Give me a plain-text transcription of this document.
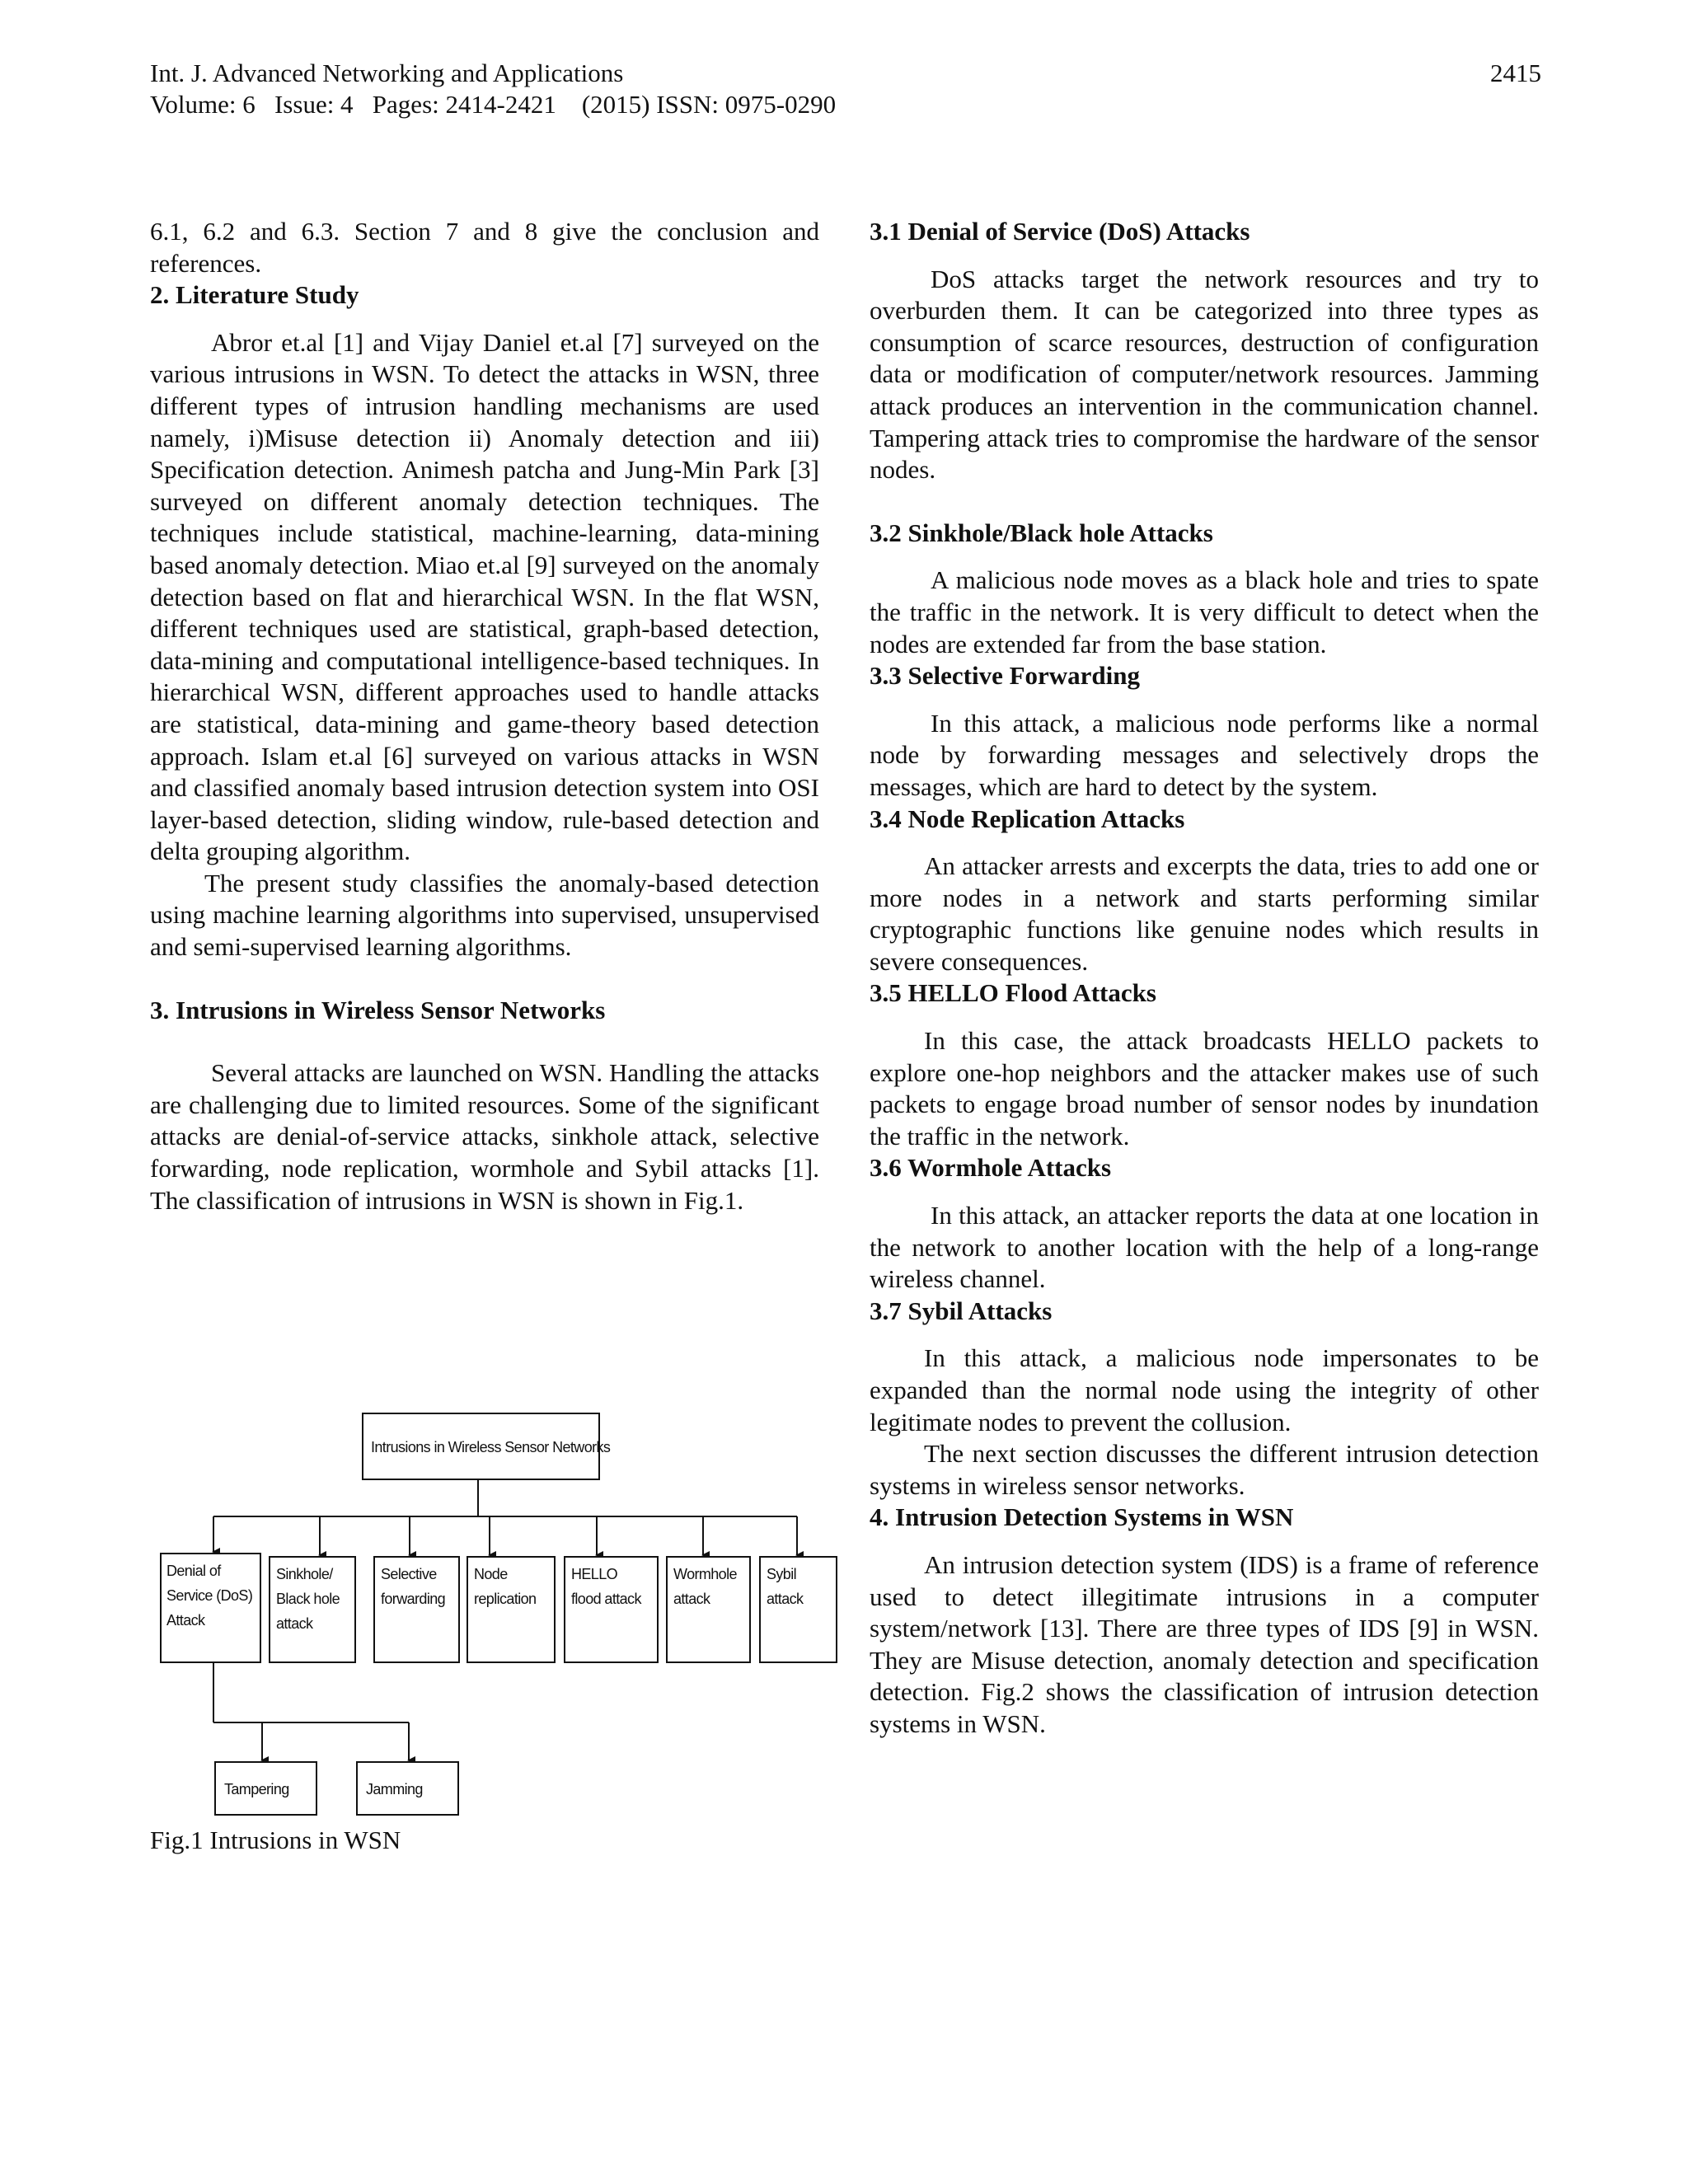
Int. J. Advanced Networking and Applications
Volume: 6   Issue: 4   Pages: 2414-2421    (2015) ISSN: 0975-0290
2415

6.1, 6.2 and 6.3. Section 7 and 8 give the conclusion and references.

2. Literature Study

Abror et.al [1] and Vijay Daniel et.al [7] surveyed on the various intrusions in WSN. To detect the attacks in WSN, three different types of intrusion handling mechanisms are used namely, i)Misuse detection ii) Anomaly detection and iii) Specification detection. Animesh patcha and Jung-Min Park [3] surveyed on different anomaly detection techniques. The techniques include statistical, machine-learning, data-mining based anomaly detection. Miao et.al [9] surveyed on the anomaly detection based on flat and hierarchical WSN. In the flat WSN, different techniques used are statistical, graph-based detection, data-mining and computational intelligence-based techniques. In hierarchical WSN, different approaches used to handle attacks are statistical, data-mining and game-theory based detection approach. Islam et.al [6] surveyed on various attacks in WSN and classified anomaly based intrusion detection system into OSI layer-based detection, sliding window, rule-based detection and delta grouping algorithm.

The present study classifies the anomaly-based detection using machine learning algorithms into supervised, unsupervised and semi-supervised learning algorithms.

3. Intrusions in Wireless Sensor Networks

Several attacks are launched on WSN. Handling the attacks are challenging due to limited resources. Some of the significant attacks are denial-of-service attacks, sinkhole attack, selective forwarding, node replication, wormhole and Sybil attacks [1]. The classification of intrusions in WSN is shown in Fig.1.

Intrusions in Wireless Sensor Networks
Denial of Service (DoS) Attack
Sinkhole/ Black hole attack
Selective forwarding
Node replication
HELLO flood attack
Wormhole attack
Sybil attack
Tampering	Jamming
Fig.1 Intrusions in WSN
3.1 Denial of Service (DoS) Attacks

DoS attacks target the network resources and try to overburden them. It can be categorized into three types as consumption of scarce resources, destruction of configuration data or modification of computer/network resources. Jamming attack produces an intervention in the communication channel. Tampering attack tries to compromise the hardware of the sensor nodes.

3.2 Sinkhole/Black hole Attacks

A malicious node moves as a black hole and tries to spate the traffic in the network. It is very difficult to detect when the nodes are extended far from the base station.

3.3 Selective Forwarding

In this attack, a malicious node performs like a normal node by forwarding messages and selectively drops the messages, which are hard to detect by the system.

3.4 Node Replication Attacks

An attacker arrests and excerpts the data, tries to add one or more nodes in a network and starts performing similar cryptographic functions like genuine nodes which results in severe consequences.

3.5 HELLO Flood Attacks

In this case, the attack broadcasts HELLO packets to explore one-hop neighbors and the attacker makes use of such packets to engage broad number of sensor nodes by inundation the traffic in the network.

3.6 Wormhole Attacks

In this attack, an attacker reports the data at one location in the network to another location with the help of a long-range wireless channel.

3.7 Sybil Attacks

In this attack, a malicious node impersonates to be expanded than the normal node using the integrity of other legitimate nodes to prevent the collusion.

The next section discusses the different intrusion detection systems in wireless sensor networks.

4. Intrusion Detection Systems in WSN

An intrusion detection system (IDS) is a frame of reference used to detect illegitimate intrusions in a computer system/network [13]. There are three types of IDS [9] in WSN. They are Misuse detection, anomaly detection and specification detection. Fig.2 shows the classification of intrusion detection systems in WSN.
